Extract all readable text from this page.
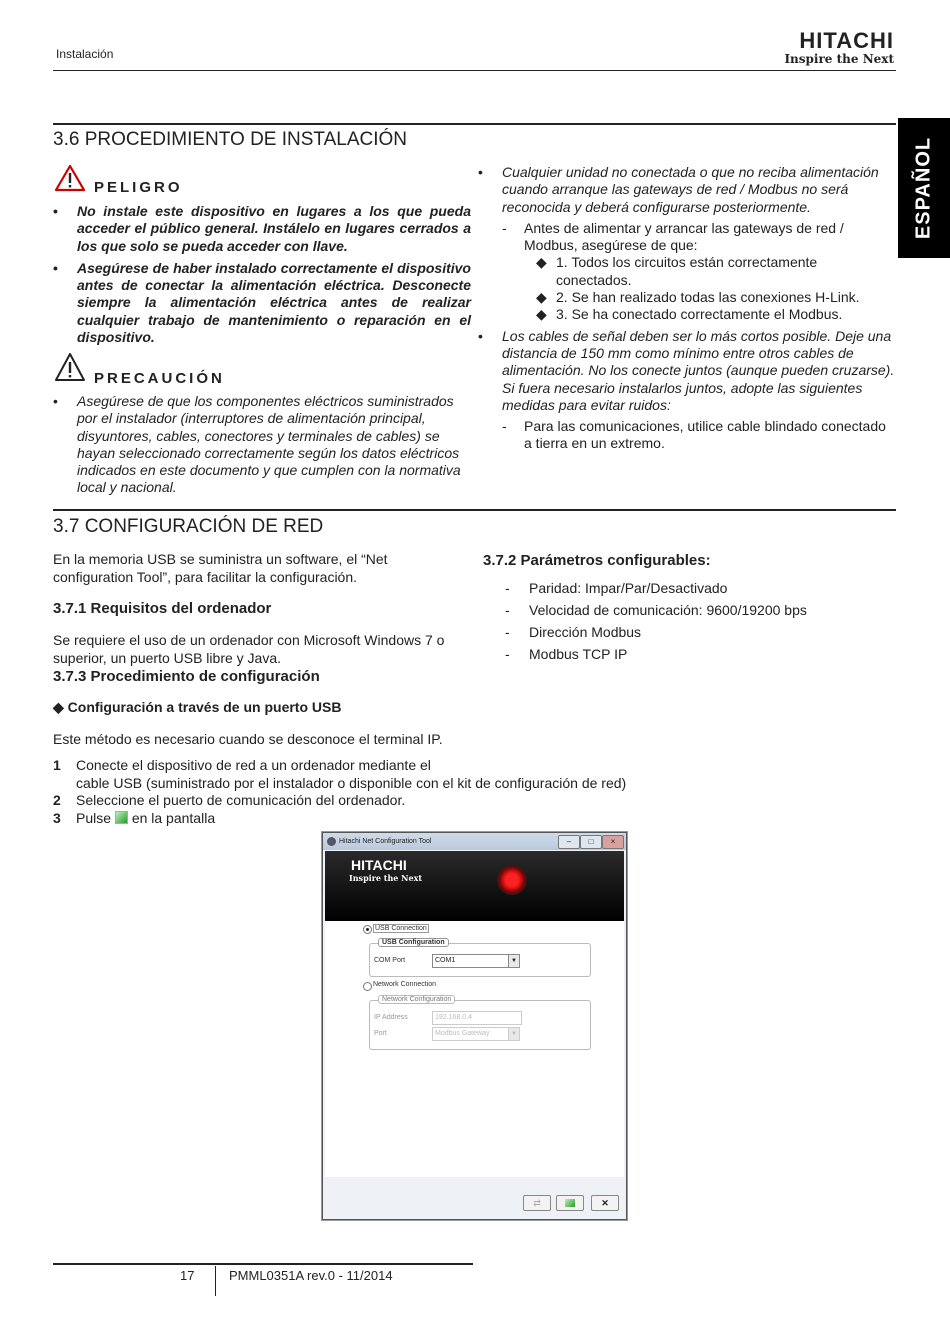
Instalación
HITACHI
Inspire the Next
ESPAÑOL
3.6 PROCEDIMIENTO DE INSTALACIÓN
PELIGRO
• No instale este dispositivo en lugares a los que pueda acceder el público general. Instálelo en lugares cerrados a los que solo se pueda acceder con llave.
• Asegúrese de haber instalado correctamente el dispositivo antes de conectar la alimentación eléctrica. Desconecte siempre la alimentación eléctrica antes de realizar cualquier trabajo de mantenimiento o reparación en el dispositivo.
PRECAUCIÓN
• Asegúrese de que los componentes eléctricos suministrados por el instalador (interruptores de alimentación principal, disyuntores, cables, conectores y terminales de cables) se hayan seleccionado correctamente según los datos eléctricos indicados en este documento y que cumplen con la normativa local y nacional.
• Cualquier unidad no conectada o que no reciba alimentación cuando arranque las gateways de red / Modbus no será reconocida y deberá configurarse posteriormente.
- Antes de alimentar y arrancar las gateways de red / Modbus, asegúrese de que:
◆ 1. Todos los circuitos están correctamente conectados.
◆ 2. Se han realizado todas las conexiones H-Link.
◆ 3. Se ha conectado correctamente el Modbus.
• Los cables de señal deben ser lo más cortos posible. Deje una distancia de 150 mm como mínimo entre otros cables de alimentación. No los conecte juntos (aunque pueden cruzarse). Si fuera necesario instalarlos juntos, adopte las siguientes medidas para evitar ruidos:
- Para las comunicaciones, utilice cable blindado conectado a tierra en un extremo.
3.7 CONFIGURACIÓN DE RED
En la memoria USB se suministra un software, el “Net configuration Tool”, para facilitar la configuración.
3.7.1 Requisitos del ordenador
Se requiere el uso de un ordenador con Microsoft Windows 7 o superior, un puerto USB libre y Java.
3.7.3 Procedimiento de configuración
3.7.2 Parámetros configurables:
- Paridad: Impar/Par/Desactivado
- Velocidad de comunicación: 9600/19200 bps
- Dirección Modbus
- Modbus TCP IP
◆ Configuración a través de un puerto USB
Este método es necesario cuando se desconoce el terminal IP.
1 Conecte el dispositivo de red a un ordenador mediante el
cable USB (suministrado por el instalador o disponible con el kit de configuración de red)
2 Seleccione el puerto de comunicación del ordenador.
3 Pulse en la pantalla
Hitachi Net Configuration Tool	–	□	×
HITACHI
Inspire the Next
USB Connection
USB Configuration
COM Port	COM1	▼
Network Connection
Network Configuration
IP Address	192.168.0.4
Port	Modbus Gateway	▼
⇄	✕
17	PMML0351A rev.0 - 11/2014
